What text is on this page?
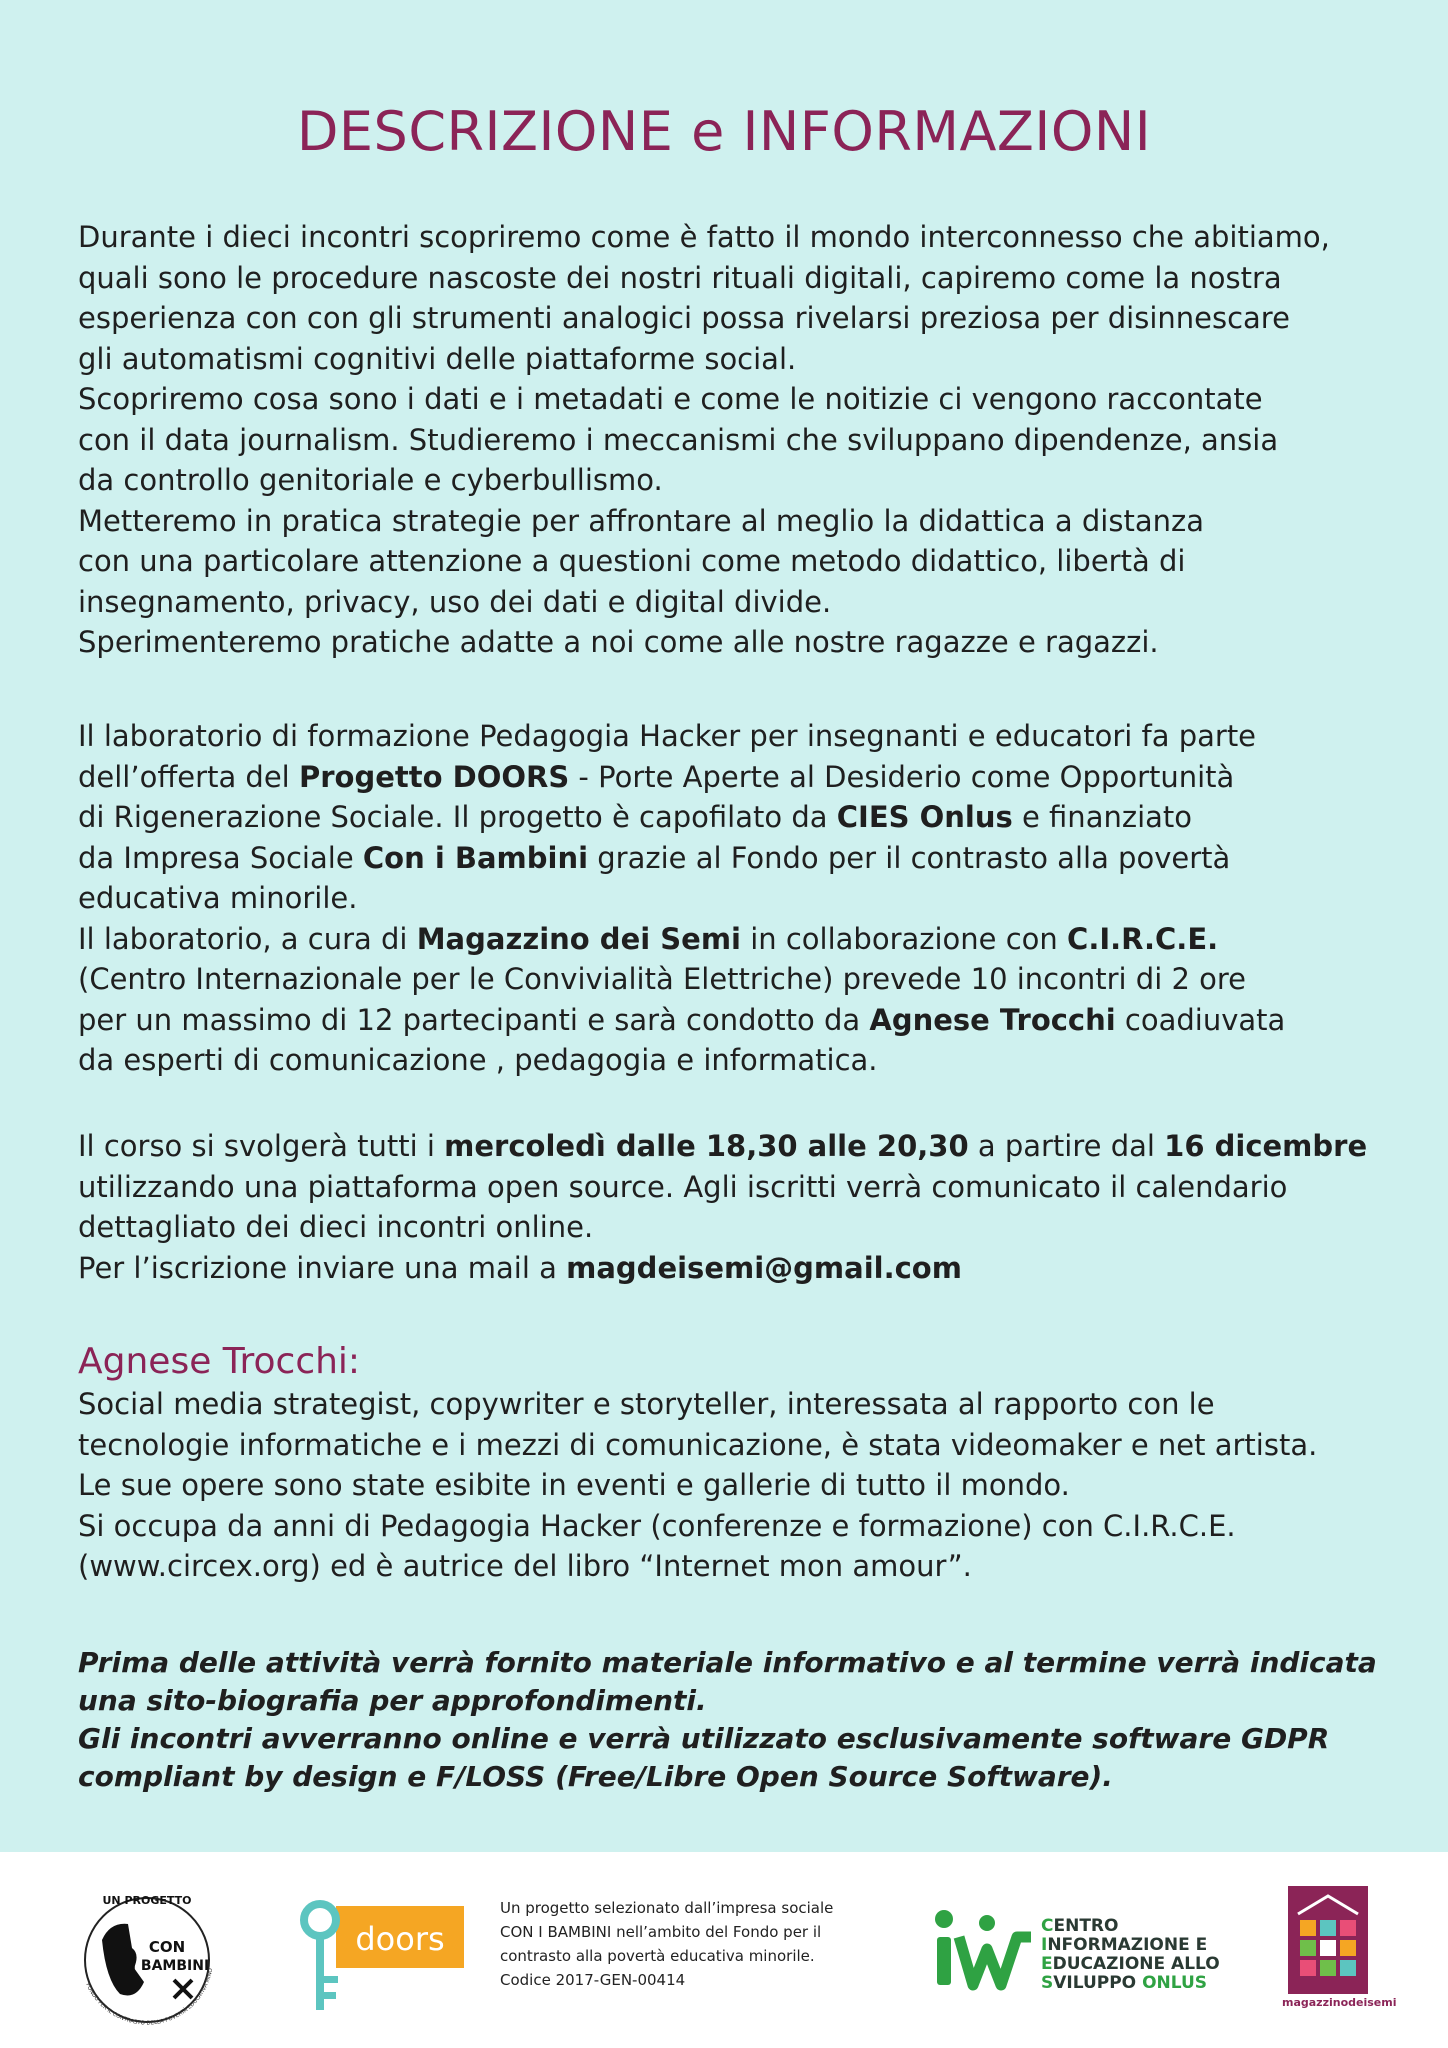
DESCRIZIONE e INFORMAZIONI

Durante i dieci incontri scopriremo come è fatto il mondo interconnesso che abitiamo,

quali sono le procedure nascoste dei nostri rituali digitali, capiremo come la nostra

esperienza con con gli strumenti analogici possa rivelarsi preziosa per disinnescare

gli automatismi cognitivi delle piattaforme social.

Scopriremo cosa sono i dati e i metadati e come le noitizie ci vengono raccontate

con il data journalism. Studieremo i meccanismi che sviluppano dipendenze, ansia

da controllo genitoriale e cyberbullismo.

Metteremo in pratica strategie per affrontare al meglio la didattica a distanza

con una particolare attenzione a questioni come metodo didattico, libertà di

insegnamento, privacy, uso dei dati e digital divide.

Sperimenteremo pratiche adatte a noi come alle nostre ragazze e ragazzi.

Il laboratorio di formazione Pedagogia Hacker per insegnanti e educatori fa parte

dell’offerta del Progetto DOORS - Porte Aperte al Desiderio come Opportunità

di Rigenerazione Sociale. Il progetto è capofilato da CIES Onlus e finanziato

da Impresa Sociale Con i Bambini grazie al Fondo per il contrasto alla povertà

educativa minorile.

Il laboratorio, a cura di Magazzino dei Semi in collaborazione con C.I.R.C.E.

(Centro Internazionale per le Convivialità Elettriche) prevede 10 incontri di 2 ore

per un massimo di 12 partecipanti e sarà condotto da Agnese Trocchi coadiuvata

da esperti di comunicazione , pedagogia e informatica.

Il corso si svolgerà tutti i mercoledì dalle 18,30 alle 20,30 a partire dal 16 dicembre

utilizzando una piattaforma open source. Agli iscritti verrà comunicato il calendario

dettagliato dei dieci incontri online.

Per l’iscrizione inviare una mail a magdeisemi@gmail.com

Agnese Trocchi:

Social media strategist, copywriter e storyteller, interessata al rapporto con le

tecnologie informatiche e i mezzi di comunicazione, è stata videomaker e net artista.

Le sue opere sono state esibite in eventi e gallerie di tutto il mondo.

Si occupa da anni di Pedagogia Hacker (conferenze e formazione) con C.I.R.C.E.

(www.circex.org) ed è autrice del libro “Internet mon amour”.

Prima delle attività verrà fornito materiale informativo e al termine verrà indicata

una sito-biografia per approfondimenti.

Gli incontri avverranno online e verrà utilizzato esclusivamente software GDPR

compliant by design e F/LOSS (Free/Libre Open Source Software).

UN PROGETTO
CON
I BAMBINI
FONDO PER IL CONTRASTO DELLA POVERTÀ EDUCATIVA MINO
doors
Un progetto selezionato dall’impresa sociale
CON I BAMBINI nell’ambito del Fondo per il
contrasto alla povertà educativa minorile.
Codice 2017-GEN-00414
CENTRO
INFORMAZIONE E
EDUCAZIONE ALLO
SVILUPPO ONLUS
magazzinodeisemi
